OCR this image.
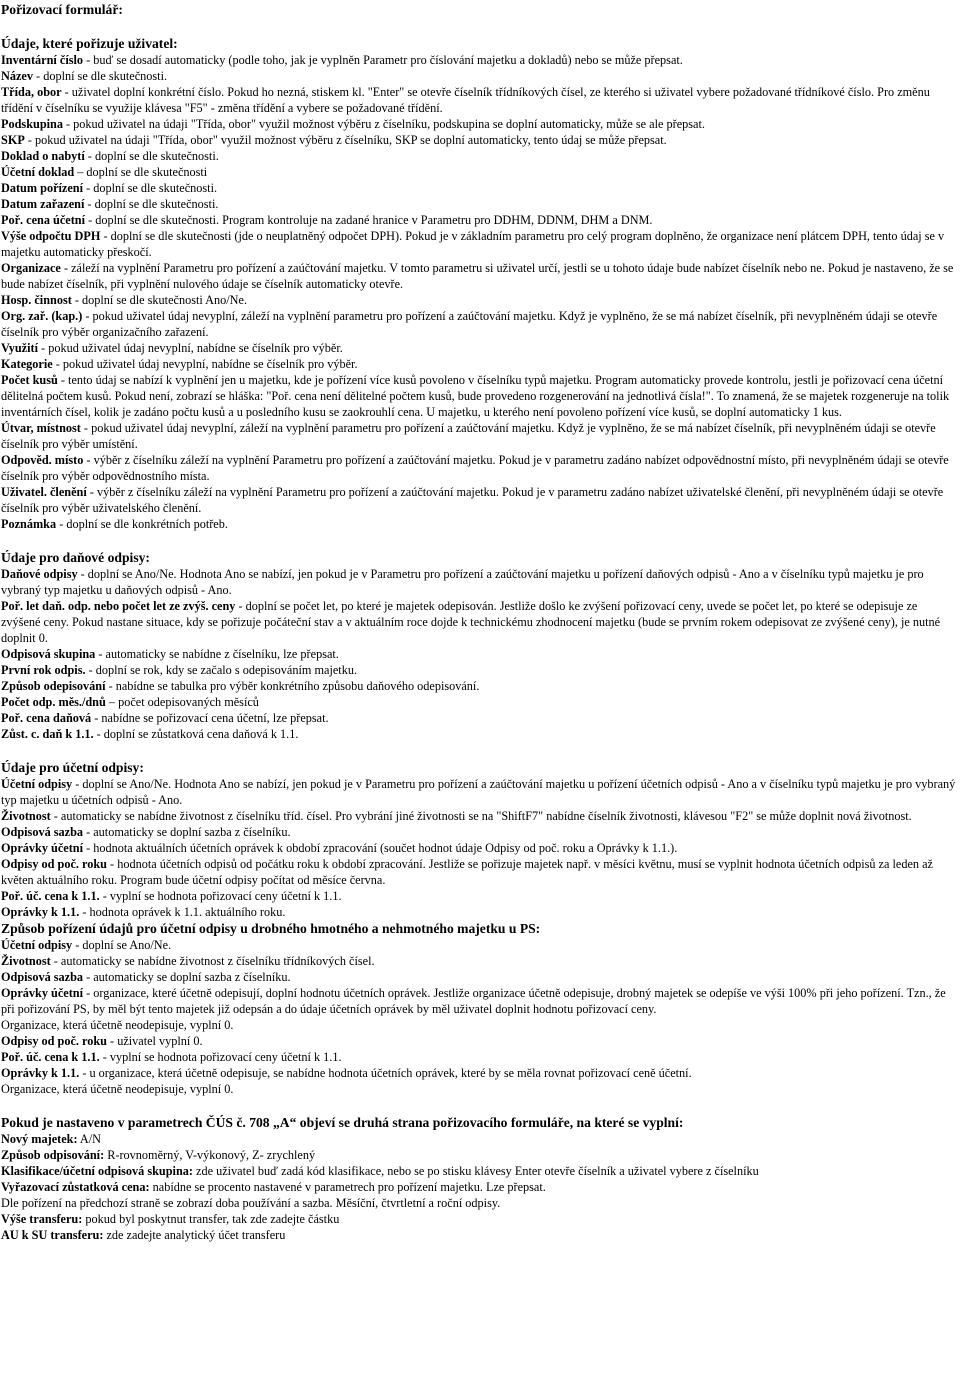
Pořizovací formulář:
Údaje, které pořizuje uživatel:
Inventární číslo - buď se dosadí automaticky (podle toho, jak je vyplněn Parametr pro číslování majetku a dokladů) nebo se může přepsat.
Název - doplní se dle skutečnosti.
Třída, obor - uživatel doplní konkrétní číslo. Pokud ho nezná, stiskem kl. "Enter" se otevře číselník třídníkových čísel, ze kterého si uživatel vybere požadované třídníkové číslo. Pro změnu třídění v číselníku se využije klávesa "F5" - změna třídění a vybere se požadované třídění.
Podskupina - pokud uživatel na údaji "Třída, obor" využil možnost výběru z číselníku, podskupina se doplní automaticky, může se ale přepsat.
SKP - pokud uživatel na údaji "Třída, obor" využil možnost výběru z číselníku, SKP se doplní automaticky, tento údaj se může přepsat.
Doklad o nabytí - doplní se dle skutečnosti.
Účetní doklad – doplní se dle skutečnosti
Datum pořízení - doplní se dle skutečnosti.
Datum zařazení - doplní se dle skutečnosti.
Poř. cena účetní - doplní se dle skutečnosti. Program kontroluje na zadané hranice v Parametru pro DDHM, DDNM, DHM a DNM.
Výše odpočtu DPH - doplní se dle skutečnosti (jde o neuplatněný odpočet DPH). Pokud je v základním parametru pro celý program doplněno, že organizace není plátcem DPH, tento údaj se v majetku automaticky přeskočí.
Organizace - záleží na vyplnění Parametru pro pořízení a zaúčtování majetku. V tomto parametru si uživatel určí, jestli se u tohoto údaje bude nabízet číselník nebo ne. Pokud je nastaveno, že se bude nabízet číselník, při vyplnění nulového údaje se číselník automaticky otevře.
Hosp. činnost - doplní se dle skutečnosti Ano/Ne.
Org. zař. (kap.) - pokud uživatel údaj nevyplní, záleží na vyplnění parametru pro pořízení a zaúčtování majetku. Když je vyplněno, že se má nabízet číselník, při nevyplněném údaji se otevře číselník pro výběr organizačního zařazení.
Využití - pokud uživatel údaj nevyplní, nabídne se číselník pro výběr.
Kategorie - pokud uživatel údaj nevyplní, nabídne se číselník pro výběr.
Počet kusů - tento údaj se nabízí k vyplnění jen u majetku, kde je pořízení více kusů povoleno v číselníku typů majetku. Program automaticky provede kontrolu, jestli je pořizovací cena účetní dělitelná počtem kusů. Pokud není, zobrazí se hláška: "Poř. cena není dělitelné počtem kusů, bude provedeno rozgenerování na jednotlivá čísla!". To znamená, že se majetek rozgeneruje na tolik inventárních čísel, kolik je zadáno počtu kusů a u posledního kusu se zaokrouhlí cena. U majetku, u kterého není povoleno pořízení více kusů, se doplní automaticky 1 kus.
Útvar, místnost - pokud uživatel údaj nevyplní, záleží na vyplnění parametru pro pořízení a zaúčtování majetku. Když je vyplněno, že se má nabízet číselník, při nevyplněném údaji se otevře číselník pro výběr umístění.
Odpověd. místo - výběr z číselníku záleží na vyplnění Parametru pro pořízení a zaúčtování majetku. Pokud je v parametru zadáno nabízet odpovědnostní místo, při nevyplněném údaji se otevře číselník pro výběr odpovědnostního místa.
Uživatel. členění - výběr z číselníku záleží na vyplnění Parametru pro pořízení a zaúčtování majetku. Pokud je v parametru zadáno nabízet uživatelské členění, při nevyplněném údaji se otevře číselník pro výběr uživatelského členění.
Poznámka - doplní se dle konkrétních potřeb.
Údaje pro daňové odpisy:
Daňové odpisy - doplní se Ano/Ne. Hodnota Ano se nabízí, jen pokud je v Parametru pro pořízení a zaúčtování majetku u pořízení daňových odpisů - Ano a v číselníku typů majetku je pro vybraný typ majetku u daňových odpisů - Ano.
Poř. let daň. odp. nebo počet let ze zvýš. ceny - doplní se počet let, po které je majetek odepisován. Jestliže došlo ke zvýšení pořizovací ceny, uvede se počet let, po které se odepisuje ze zvýšené ceny. Pokud nastane situace, kdy se pořizuje počáteční stav a v aktuálním roce dojde k technickému zhodnocení majetku (bude se prvním rokem odepisovat ze zvýšené ceny), je nutné doplnit 0.
Odpisová skupina - automaticky se nabídne z číselníku, lze přepsat.
První rok odpis. - doplní se rok, kdy se začalo s odepisováním majetku.
Způsob odepisování - nabídne se tabulka pro výběr konkrétního způsobu daňového odepisování.
Počet odp. měs./dnů – počet odepisovaných měsíců
Poř. cena daňová - nabídne se pořizovací cena účetní, lze přepsat.
Zůst. c. daň k 1.1. - doplní se zůstatková cena daňová k 1.1.
Údaje pro účetní odpisy:
Účetní odpisy - doplní se Ano/Ne. Hodnota Ano se nabízí, jen pokud je v Parametru pro pořízení a zaúčtování majetku u pořízení účetních odpisů - Ano a v číselníku typů majetku je pro vybraný typ majetku u účetních odpisů - Ano.
Životnost - automaticky se nabídne životnost z číselníku tříd. čísel. Pro vybrání jiné životnosti se na "ShiftF7" nabídne číselník životnosti, klávesou "F2" se může doplnit nová životnost.
Odpisová sazba - automaticky se doplní sazba z číselníku.
Oprávky účetní - hodnota aktuálních účetních oprávek k období zpracování (součet hodnot údaje Odpisy od poč. roku a Oprávky k 1.1.).
Odpisy od poč. roku - hodnota účetních odpisů od počátku roku k období zpracování. Jestliže se pořizuje majetek např. v měsíci květnu, musí se vyplnit hodnota účetních odpisů za leden až květen aktuálního roku. Program bude účetní odpisy počítat od měsíce června.
Poř. úč. cena k 1.1. - vyplní se hodnota pořizovací ceny účetní k 1.1.
Oprávky k 1.1. - hodnota oprávek k 1.1. aktuálního roku.
Způsob pořízení údajů pro účetní odpisy u drobného hmotného a nehmotného majetku u PS:
Účetní odpisy - doplní se Ano/Ne.
Životnost - automaticky se nabídne životnost z číselníku třídníkových čísel.
Odpisová sazba - automaticky se doplní sazba z číselníku.
Oprávky účetní - organizace, které účetně odepisují, doplní hodnotu účetních oprávek. Jestliže organizace účetně odepisuje, drobný majetek se odepíše ve výši 100% při jeho pořízení. Tzn., že při pořizování PS, by měl být tento majetek již odepsán a do údaje účetních oprávek by měl uživatel doplnit hodnotu pořizovací ceny.
Organizace, která účetně neodepisuje, vyplní 0.
Odpisy od poč. roku - uživatel vyplní 0.
Poř. úč. cena k 1.1. - vyplní se hodnota pořizovací ceny účetní k 1.1.
Oprávky k 1.1. - u organizace, která účetně odepisuje, se nabídne hodnota účetních oprávek, které by se měla rovnat pořizovací ceně účetní.
Organizace, která účetně neodepisuje, vyplní 0.
Pokud je nastaveno v parametrech ČÚS č. 708 „A“ objeví se druhá strana pořizovacího formuláře, na které se vyplní:
Nový majetek: A/N
Způsob odpisování: R-rovnoměrný, V-výkonový, Z- zrychlený
Klasifikace/účetní odpisová skupina: zde uživatel buď zadá kód klasifikace, nebo se po stisku klávesy Enter otevře číselník a uživatel vybere z číselníku
Vyřazovací zůstatková cena: nabídne se procento nastavené v parametrech pro pořízení majetku. Lze přepsat.
Dle pořízení na předchozí straně se zobrazí doba používání a sazba. Měsíční, čtvrtletní a roční odpisy.
Výše transferu: pokud byl poskytnut transfer, tak zde zadejte částku
AU k SU transferu: zde zadejte analytický účet transferu
